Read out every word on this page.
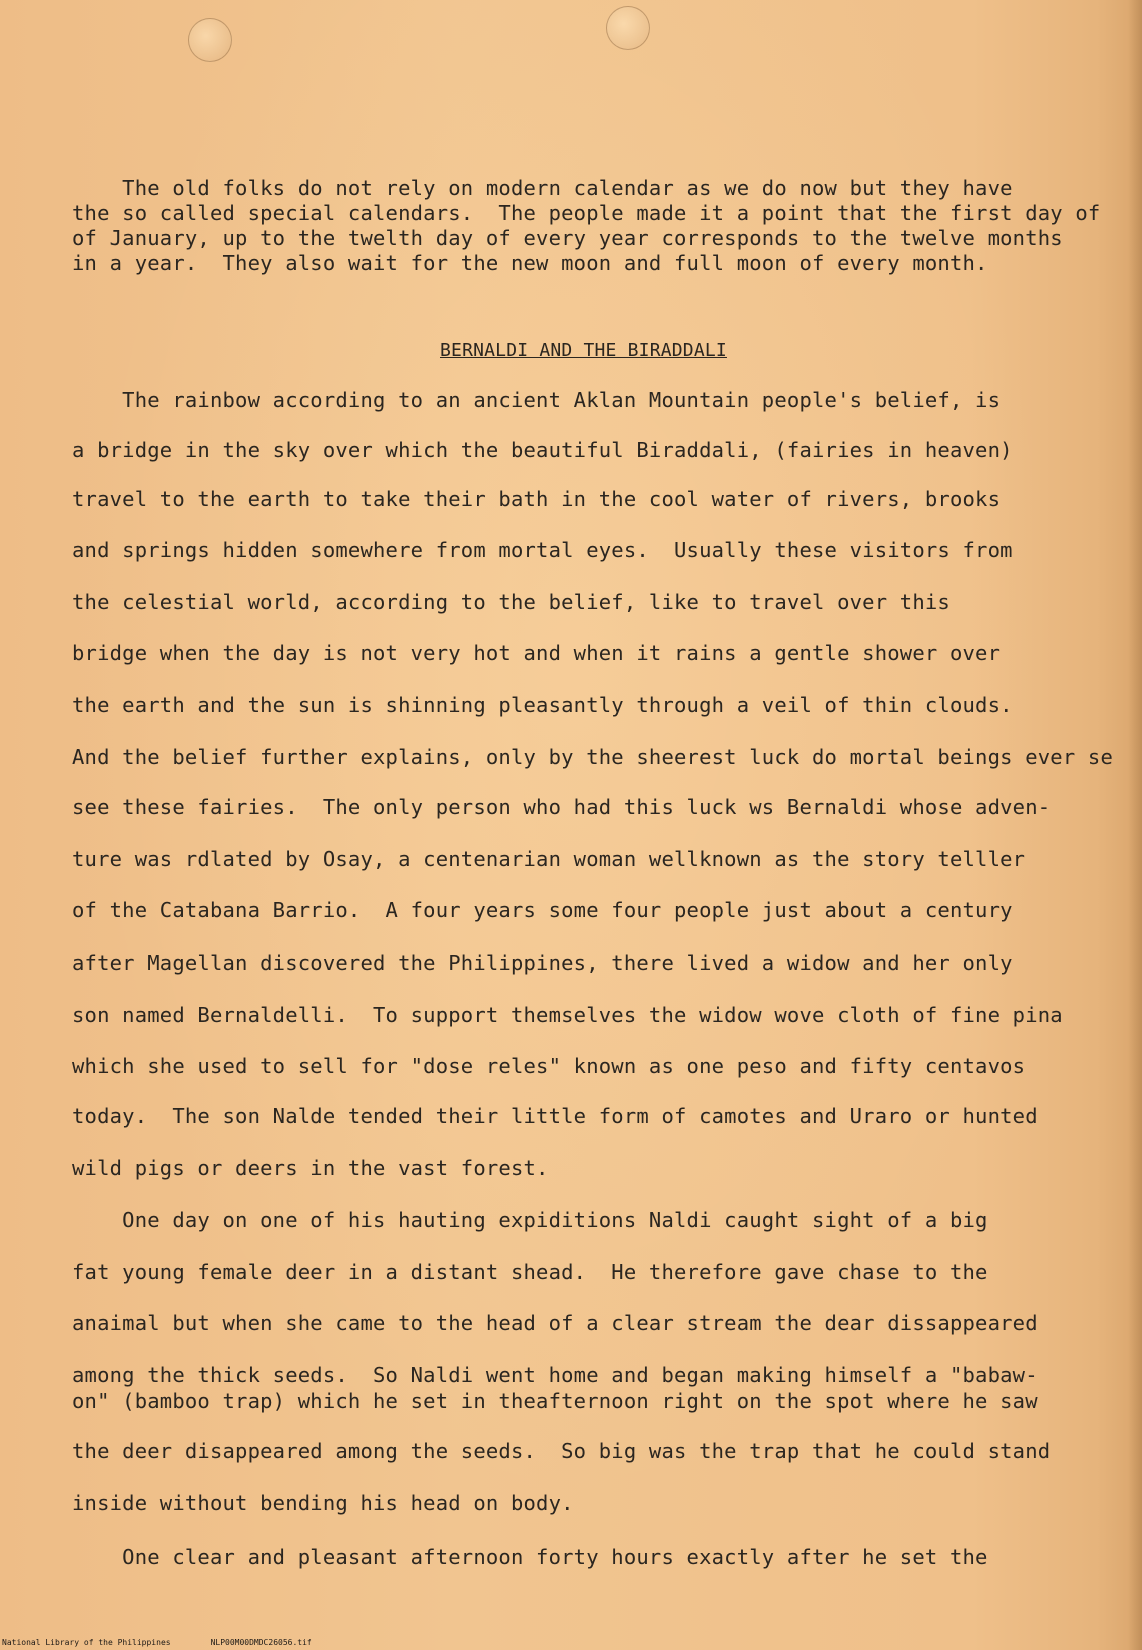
The old folks do not rely on modern calendar as we do now but they have
the so called special calendars.  The people made it a point that the first day of
of January, up to the twelth day of every year corresponds to the twelve months
in a year.  They also wait for the new moon and full moon of every month.
BERNALDI AND THE BIRADDALI
The rainbow according to an ancient Aklan Mountain people's belief, is
a bridge in the sky over which the beautiful Biraddali, (fairies in heaven)
travel to the earth to take their bath in the cool water of rivers, brooks
and springs hidden somewhere from mortal eyes.  Usually these visitors from
the celestial world, according to the belief, like to travel over this
bridge when the day is not very hot and when it rains a gentle shower over
the earth and the sun is shinning pleasantly through a veil of thin clouds.
And the belief further explains, only by the sheerest luck do mortal beings ever se
see these fairies.  The only person who had this luck ws Bernaldi whose adven-
ture was rdlated by Osay, a centenarian woman wellknown as the story telller
of the Catabana Barrio.  A four years some four people just about a century
after Magellan discovered the Philippines, there lived a widow and her only
son named Bernaldelli.  To support themselves the widow wove cloth of fine pina
which she used to sell for "dose reles" known as one peso and fifty centavos
today.  The son Nalde tended their little form of camotes and Uraro or hunted
wild pigs or deers in the vast forest.
One day on one of his hauting expiditions Naldi caught sight of a big
fat young female deer in a distant shead.  He therefore gave chase to the
anaimal but when she came to the head of a clear stream the dear dissappeared
among the thick seeds.  So Naldi went home and began making himself a "babaw-
on" (bamboo trap) which he set in theafternoon right on the spot where he saw
the deer disappeared among the seeds.  So big was the trap that he could stand
inside without bending his head on body.
One clear and pleasant afternoon forty hours exactly after he set the
National Library of the Philippines	NLP00M00DMDC26056.tif
